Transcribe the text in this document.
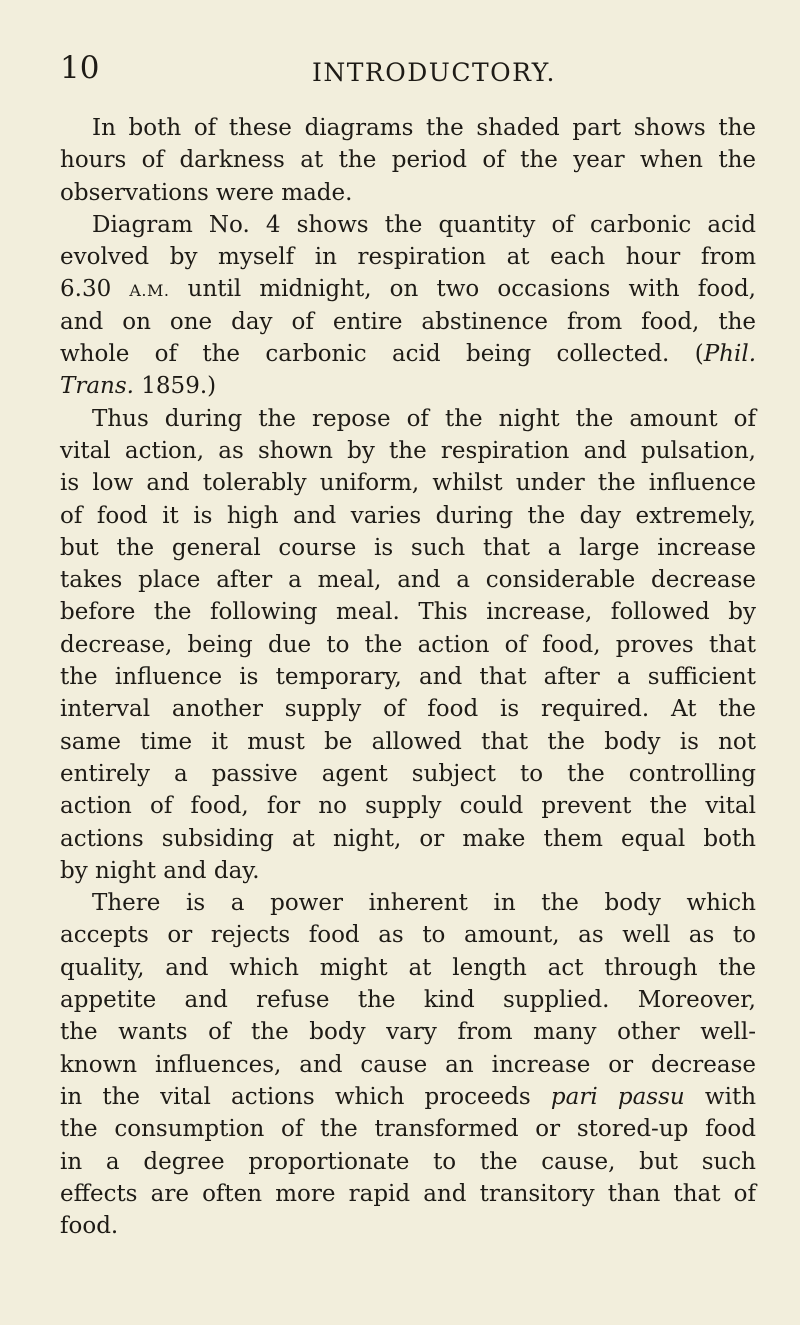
10	INTRODUCTORY.
In both of these diagrams the shaded part shows the
hours of darkness at the period of the year when the
observations were made.
Diagram No. 4 shows the quantity of carbonic acid
evolved by myself in respiration at each hour from
6.30 A.M. until midnight, on two occasions with food,
and on one day of entire abstinence from food, the
whole of the carbonic acid being collected. (Phil.
Trans. 1859.)
Thus during the repose of the night the amount of
vital action, as shown by the respiration and pulsation,
is low and tolerably uniform, whilst under the influence
of food it is high and varies during the day extremely,
but the general course is such that a large increase
takes place after a meal, and a considerable decrease
before the following meal. This increase, followed by
decrease, being due to the action of food, proves that
the influence is temporary, and that after a sufficient
interval another supply of food is required. At the
same time it must be allowed that the body is not
entirely a passive agent subject to the controlling
action of food, for no supply could prevent the vital
actions subsiding at night, or make them equal both
by night and day.
There is a power inherent in the body which
accepts or rejects food as to amount, as well as to
quality, and which might at length act through the
appetite and refuse the kind supplied. Moreover,
the wants of the body vary from many other well-
known influences, and cause an increase or decrease
in the vital actions which proceeds pari passu with
the consumption of the transformed or stored-up food
in a degree proportionate to the cause, but such
effects are often more rapid and transitory than that of
food.
